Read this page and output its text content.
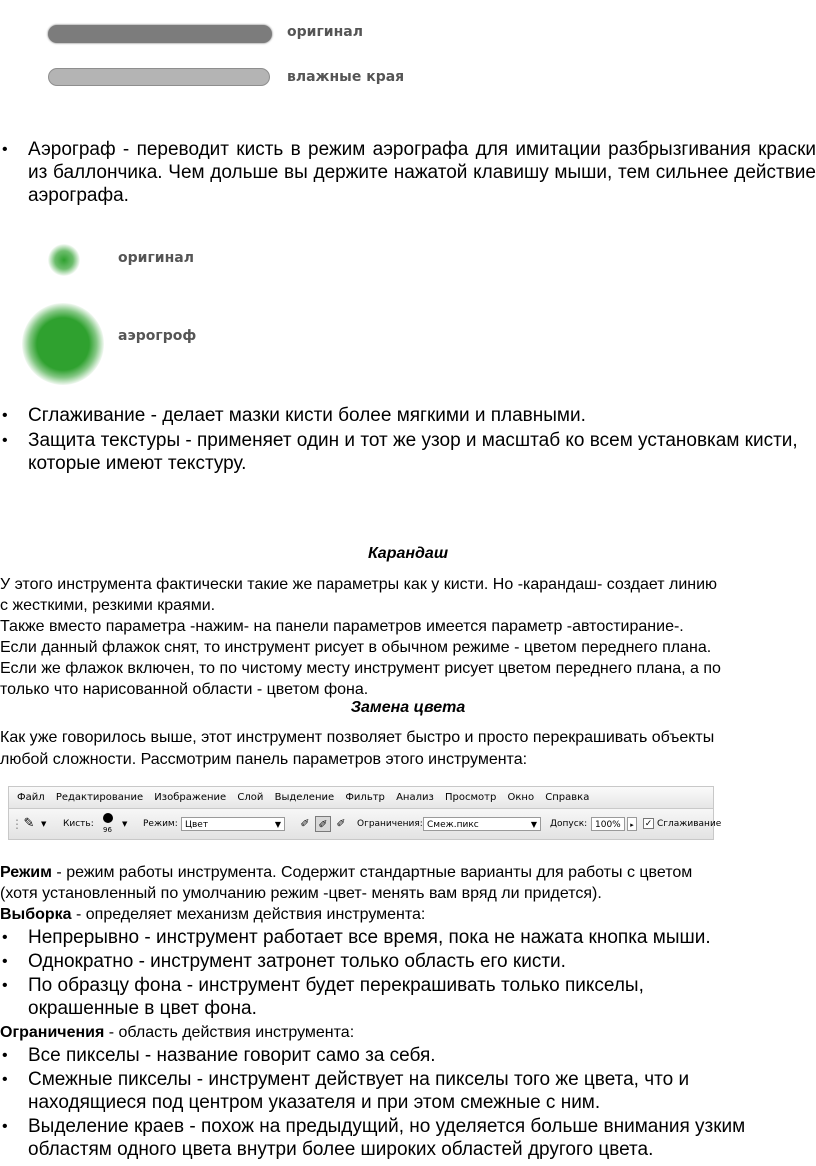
оригинал
влажные края
• Аэрограф - переводит кисть в режим аэрографа для имитации разбрызгивания краски из баллончика. Чем дольше вы держите нажатой клавишу мыши, тем сильнее действие аэрографа.
оригинал
аэрогроф
• Сглаживание - делает мазки кисти более мягкими и плавными.
• Защита текстуры - применяет один и тот же узор и масштаб ко всем установкам кисти, которые имеют текстуру.
Карандаш
У этого инструмента фактически такие же параметры как у кисти. Но -карандаш- создает линию
с жесткими, резкими краями.
Также вместо параметра -нажим- на панели параметров имеется параметр -автостирание-.
Если данный флажок снят, то инструмент рисует в обычном режиме - цветом переднего плана.
Если же флажок включен, то по чистому месту инструмент рисует цветом переднего плана, а по
только что нарисованной области - цветом фона.
Замена цвета
Как уже говорилось выше, этот инструмент позволяет быстро и просто перекрашивать объекты
любой сложности. Рассмотрим панель параметров этого инструмента:
Файл Редактирование Изображение Слой Выделение Фильтр Анализ Просмотр Окно Справка
⋮ ✎ ▼ Кисть:
96
▼ Режим: Цвет	▼	✐ ✐ ✐	Ограничения: Смеж.пикс	▼ Допуск: 100%	▸	✓ Сглаживание
Режим - режим работы инструмента. Содержит стандартные варианты для работы с цветом
(хотя установленный по умолчанию режим -цвет- менять вам вряд ли придется).
Выборка - определяет механизм действия инструмента:
• Непрерывно - инструмент работает все время, пока не нажата кнопка мыши.
• Однократно - инструмент затронет только область его кисти.
• По образцу фона - инструмент будет перекрашивать только пикселы, окрашенные в цвет фона.
Ограничения - область действия инструмента:
• Все пикселы - название говорит само за себя.
• Смежные пикселы - инструмент действует на пикселы того же цвета, что и находящиеся под центром указателя и при этом смежные с ним.
• Выделение краев - похож на предыдущий, но уделяется больше внимания узким областям одного цвета внутри более широких областей другого цвета.
